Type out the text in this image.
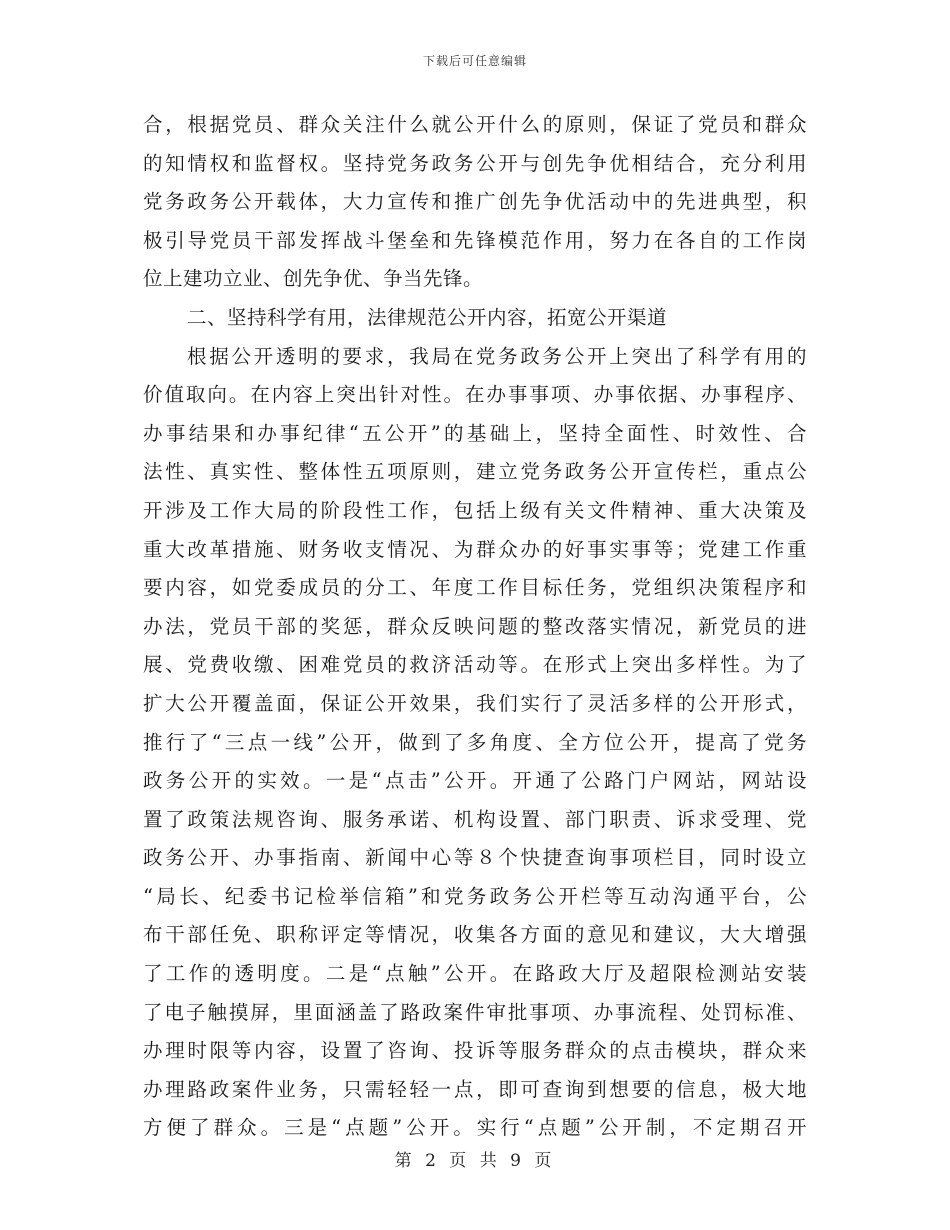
下载后可任意编辑
合，根据党员、群众关注什么就公开什么的原则，保证了党员和群众
的知情权和监督权。坚持党务政务公开与创先争优相结合，充分利用
党务政务公开载体，大力宣传和推广创先争优活动中的先进典型，积
极引导党员干部发挥战斗堡垒和先锋模范作用，努力在各自的工作岗
位上建功立业、创先争优、争当先锋。
二、坚持科学有用，法律规范公开内容，拓宽公开渠道
根据公开透明的要求，我局在党务政务公开上突出了科学有用的
价值取向。在内容上突出针对性。在办事事项、办事依据、办事程序、
办事结果和办事纪律“五公开”的基础上，坚持全面性、时效性、合
法性、真实性、整体性五项原则，建立党务政务公开宣传栏，重点公
开涉及工作大局的阶段性工作，包括上级有关文件精神、重大决策及
重大改革措施、财务收支情况、为群众办的好事实事等；党建工作重
要内容，如党委成员的分工、年度工作目标任务，党组织决策程序和
办法，党员干部的奖惩，群众反映问题的整改落实情况，新党员的进
展、党费收缴、困难党员的救济活动等。在形式上突出多样性。为了
扩大公开覆盖面，保证公开效果，我们实行了灵活多样的公开形式，
推行了“三点一线”公开，做到了多角度、全方位公开，提高了党务
政务公开的实效。一是“点击”公开。开通了公路门户网站，网站设
置了政策法规咨询、服务承诺、机构设置、部门职责、诉求受理、党
政务公开、办事指南、新闻中心等８个快捷查询事项栏目，同时设立
“局长、纪委书记检举信箱”和党务政务公开栏等互动沟通平台，公
布干部任免、职称评定等情况，收集各方面的意见和建议，大大增强
了工作的透明度。二是“点触”公开。在路政大厅及超限检测站安装
了电子触摸屏，里面涵盖了路政案件审批事项、办事流程、处罚标准、
办理时限等内容，设置了咨询、投诉等服务群众的点击模块，群众来
办理路政案件业务，只需轻轻一点，即可查询到想要的信息，极大地
方便了群众。三是“点题”公开。实行“点题”公开制，不定期召开
第 2 页 共 9 页
